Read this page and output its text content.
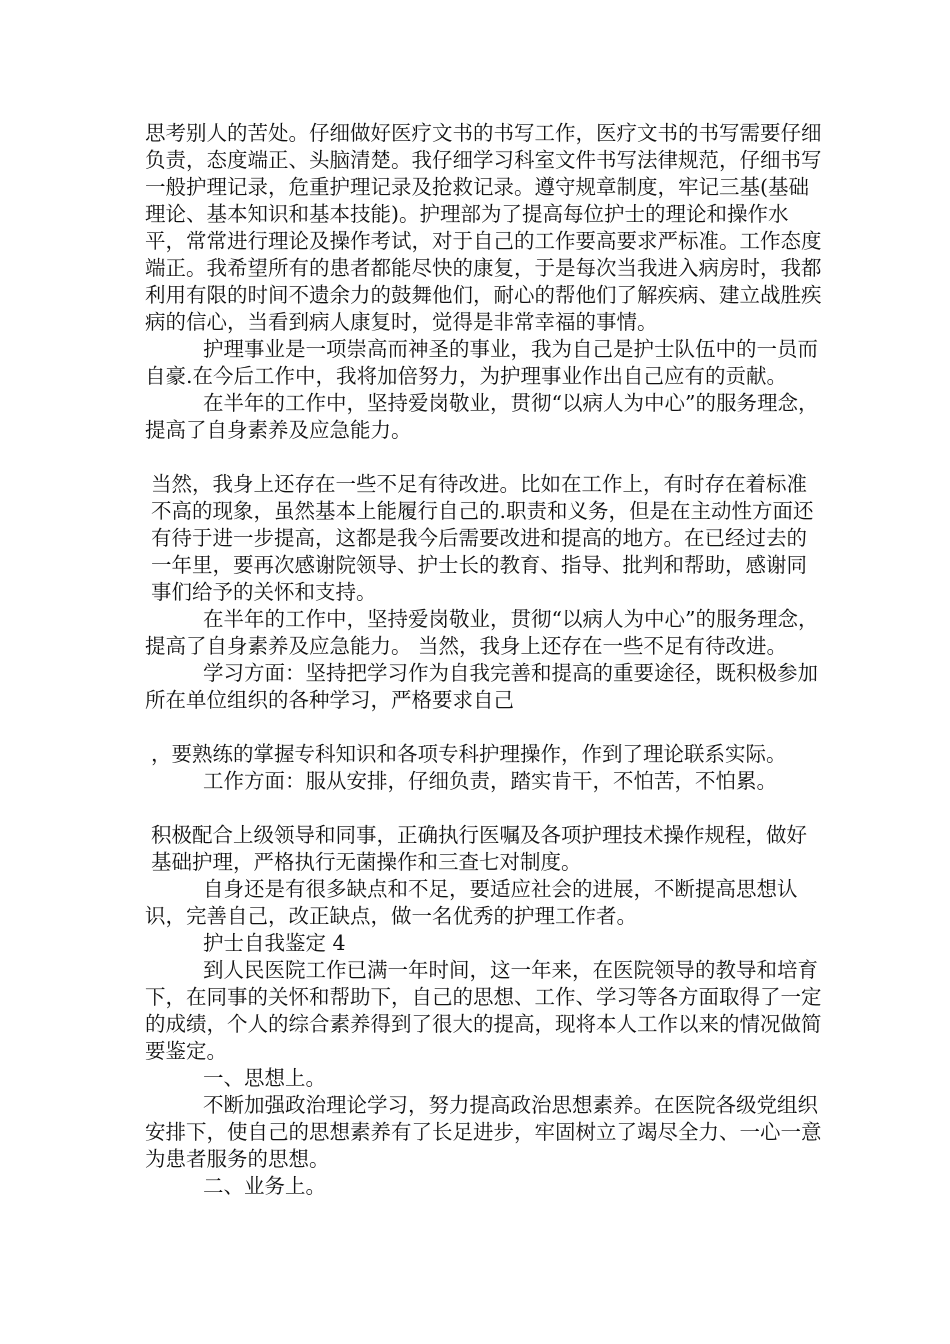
思考别人的苦处。仔细做好医疗文书的书写工作，医疗文书的书写需要仔细负责，态度端正、头脑清楚。我仔细学习科室文件书写法律规范，仔细书写一般护理记录，危重护理记录及抢救记录。遵守规章制度，牢记三基(基础理论、基本知识和基本技能)。护理部为了提高每位护士的理论和操作水平，常常进行理论及操作考试，对于自己的工作要高要求严标准。工作态度端正。我希望所有的患者都能尽快的康复，于是每次当我进入病房时，我都利用有限的时间不遗余力的鼓舞他们，耐心的帮他们了解疾病、建立战胜疾病的信心，当看到病人康复时，觉得是非常幸福的事情。

护理事业是一项崇高而神圣的事业，我为自己是护士队伍中的一员而自豪.在今后工作中，我将加倍努力，为护理事业作出自己应有的贡献。

在半年的工作中，坚持爱岗敬业，贯彻“以病人为中心”的服务理念，提高了自身素养及应急能力。

当然，我身上还存在一些不足有待改进。比如在工作上，有时存在着标准不高的现象，虽然基本上能履行自己的.职责和义务，但是在主动性方面还有待于进一步提高，这都是我今后需要改进和提高的地方。在已经过去的一年里，要再次感谢院领导、护士长的教育、指导、批判和帮助，感谢同事们给予的关怀和支持。

在半年的工作中，坚持爱岗敬业，贯彻“以病人为中心”的服务理念，提高了自身素养及应急能力。 当然，我身上还存在一些不足有待改进。

学习方面：坚持把学习作为自我完善和提高的重要途径，既积极参加所在单位组织的各种学习，严格要求自己

，要熟练的掌握专科知识和各项专科护理操作，作到了理论联系实际。

工作方面：服从安排，仔细负责，踏实肯干，不怕苦，不怕累。

积极配合上级领导和同事，正确执行医嘱及各项护理技术操作规程，做好基础护理，严格执行无菌操作和三查七对制度。

自身还是有很多缺点和不足，要适应社会的进展，不断提高思想认识，完善自己，改正缺点，做一名优秀的护理工作者。

护士自我鉴定 4

到人民医院工作已满一年时间，这一年来，在医院领导的教导和培育下，在同事的关怀和帮助下，自己的思想、工作、学习等各方面取得了一定的成绩，个人的综合素养得到了很大的提高，现将本人工作以来的情况做简要鉴定。

一、思想上。

不断加强政治理论学习，努力提高政治思想素养。在医院各级党组织安排下，使自己的思想素养有了长足进步，牢固树立了竭尽全力、一心一意为患者服务的思想。

二、业务上。
